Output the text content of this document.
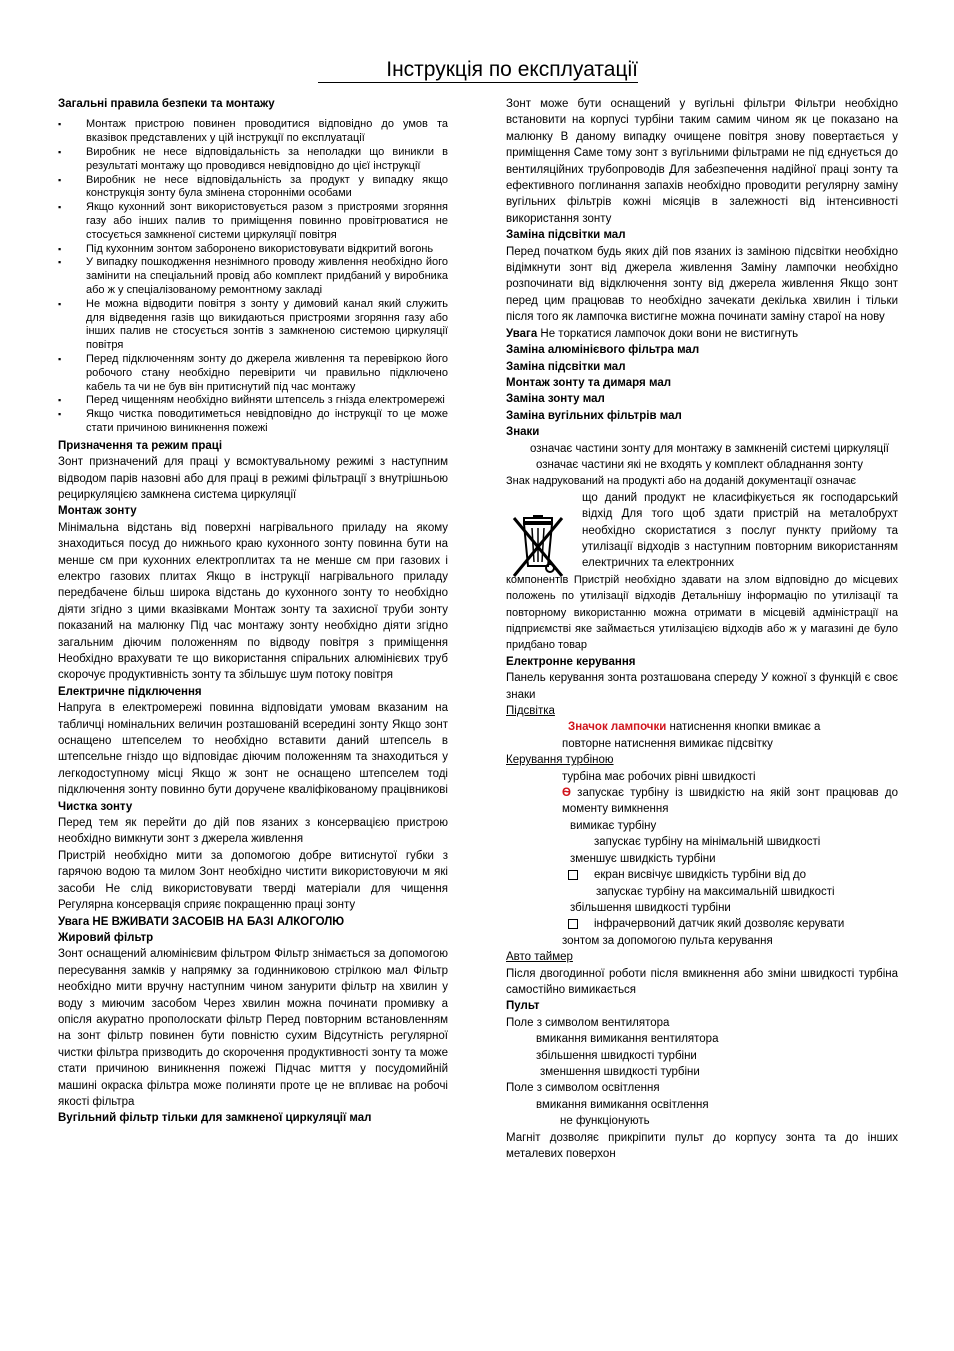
Інструкція по експлуатації

Загальні правила безпеки та монтажу

▪ Монтаж пристрою повинен проводитися відповідно до умов та вказівок представлених у цій інструкції по експлуатації
▪ Виробник не несе відповідальність за неполадки що виникли в результаті монтажу що проводився невідповідно до цієї інструкції
▪ Виробник не несе відповідальність за продукт у випадку якщо конструкція зонту була змінена сторонніми особами
▪ Якщо кухонний зонт використовується разом з пристроями згоряння газу або інших палив то приміщення повинно провітрюватися не стосується замкненої системи циркуляції повітря
▪ Під кухонним зонтом заборонено використовувати відкритий вогонь
▪ У випадку пошкодження незнімного проводу живлення необхідно його замінити на спеціальний провід або комплект придбаний у виробника або ж у спеціалізованому ремонтному закладі
▪ Не можна відводити повітря з зонту у димовий канал який служить для відведення газів що викидаються пристроями згоряння газу або інших палив не стосується зонтів з замкненою системою циркуляції повітря
▪ Перед підключенням зонту до джерела живлення та перевіркою його робочого стану необхідно перевірити чи правильно підключено кабель та чи не був він притиснутий під час монтажу
▪ Перед чищенням необхідно вийняти штепсель з гнізда електромережі
▪ Якщо чистка поводитиметься невідповідно до інструкції то це може стати причиною виникнення пожежі

Призначення та режим праці

Зонт призначений для праці у всмоктувальному режимі з наступним відводом парів назовні або для праці в режимі фільтрації з внутрішньою рециркуляцією замкнена система циркуляції

Монтаж зонту

Мінімальна відстань від поверхні нагрівального приладу на якому знаходиться посуд до нижнього краю кухонного зонту повинна бути на менше см при кухонних електроплитах та не менше см при газових і електро газових плитах Якщо в інструкції нагрівального приладу передбачене більш широка відстань до кухонного зонту то необхідно діяти згідно з цими вказівками Монтаж зонту та захисної труби зонту показаний на малюнку Під час монтажу зонту необхідно діяти згідно загальним діючим положенням по відводу повітря з приміщення Необхідно врахувати те що використання спіральних алюмінієвих труб скорочує продуктивність зонту та збільшує шум потоку повітря

Електричне підключення

Напруга в електромережі повинна відповідати умовам вказаним на табличці номінальних величин розташованій всередині зонту Якщо зонт оснащено штепселем то необхідно вставити даний штепсель в штепсельне гніздо що відповідає діючим положенням та знаходиться у легкодоступному місці Якщо ж зонт не оснащено штепселем тоді підключення зонту повинно бути доручене кваліфікованому працівникові

Чистка зонту

Перед тем як перейти до дій пов язаних з консервацією пристрою необхідно вимкнути зонт з джерела живлення

Пристрій необхідно мити за допомогою добре витиснутої губки з гарячою водою та милом Зонт необхідно чистити використовуючи м які засоби Не слід використовувати тверді матеріали для чищення Регулярна консервація сприяє покращенню праці зонту

Увага НЕ ВЖИВАТИ ЗАСОБІВ НА БАЗІ АЛКОГОЛЮ

Жировий фільтр

Зонт оснащений алюмінієвим фільтром Фільтр знімається за допомогою пересування замків у напрямку за годинниковою стрілкою мал Фільтр необхідно мити вручну наступним чином занурити фільтр на хвилин у воду з миючим засобом Через хвилин можна починати промивку а опісля акуратно прополоскати фільтр Перед повторним встановленням на зонт фільтр повинен бути повністю сухим Відсутність регулярної чистки фільтра призводить до скорочення продуктивності зонту та може стати причиною виникнення пожежі Підчас миття у посудомийній машині окраска фільтра може полиняти проте це не впливає на робочі якості фільтра

Вугільний фільтр тільки для замкненої циркуляції мал

Зонт може бути оснащений у вугільні фільтри Фільтри необхідно встановити на корпусі турбіни таким самим чином як це показано на малюнку В даному випадку очищене повітря знову повертається у приміщення Саме тому зонт з вугільними фільтрами не під єднується до вентиляційних трубопроводів Для забезпечення надійної праці зонту та ефективного поглинання запахів необхідно проводити регулярну заміну вугільних фільтрів кожні місяців в залежності від інтенсивності використання зонту

Заміна підсвітки мал

Перед початком будь яких дій пов язаних із заміною підсвітки необхідно відімкнути зонт від джерела живлення Заміну лампочки необхідно розпочинати від відключення зонту від джерела живлення Якщо зонт перед цим працював то необхідно зачекати декілька хвилин і тільки після того як лампочка вистигне можна починати заміну старої на нову

Увага Не торкатися лампочок доки вони не вистигнуть

Заміна алюмінієвого фільтра мал

Заміна підсвітки мал

Монтаж зонту та димаря мал

Заміна зонту мал

Заміна вугільних фільтрів мал

Знаки

означає частини зонту для монтажу в замкненій системі циркуляції

означає частини які не входять у комплект обладнання зонту

Знак надрукований на продукті або на доданій документації означає

що даний продукт не класифікується як господарський відхід Для того щоб здати пристрій на металобрухт необхідно скористатися з послуг пункту прийому та утилізації відходів з наступним повторним використанням електричних та електронних

компонентів Пристрій необхідно здавати на злом відповідно до місцевих положень по утилізації відходів Детальнішу інформацію по утилізації та повторному використанню можна отримати в місцевій адміністрації на підприємстві яке займається утилізацією відходів або ж у магазині де було придбано товар

Електронне керування

Панель керування зонта розташована спереду У кожної з функцій є своє знаки

Підсвітка

Значок лампочки натиснення кнопки вмикає а

повторне натиснення вимикає підсвітку

Керування турбіною

турбіна має робочих рівні швидкості

Ѳ запускає турбіну із швидкістю на якій зонт працював до моменту вимкнення

вимикає турбіну

запускає турбіну на мінімальній швидкості

зменшує швидкість турбіни

екран висвічує швидкість турбіни від до

запускає турбіну на максимальній швидкості

збільшення швидкості турбіни

інфрачервоний датчик який дозволяє керувати

зонтом за допомогою пульта керування

Авто таймер

Після двогодинної роботи після вмикнення або зміни швидкості турбіна самостійно вимикається

Пульт

Поле з символом вентилятора

вмикання вимикання вентилятора

збільшення швидкості турбіни

зменшення швидкості турбіни

Поле з символом освітлення

вмикання вимикання освітлення

не функціонують

Магніт дозволяє прикріпити пульт до корпусу зонта та до інших металевих поверхон
